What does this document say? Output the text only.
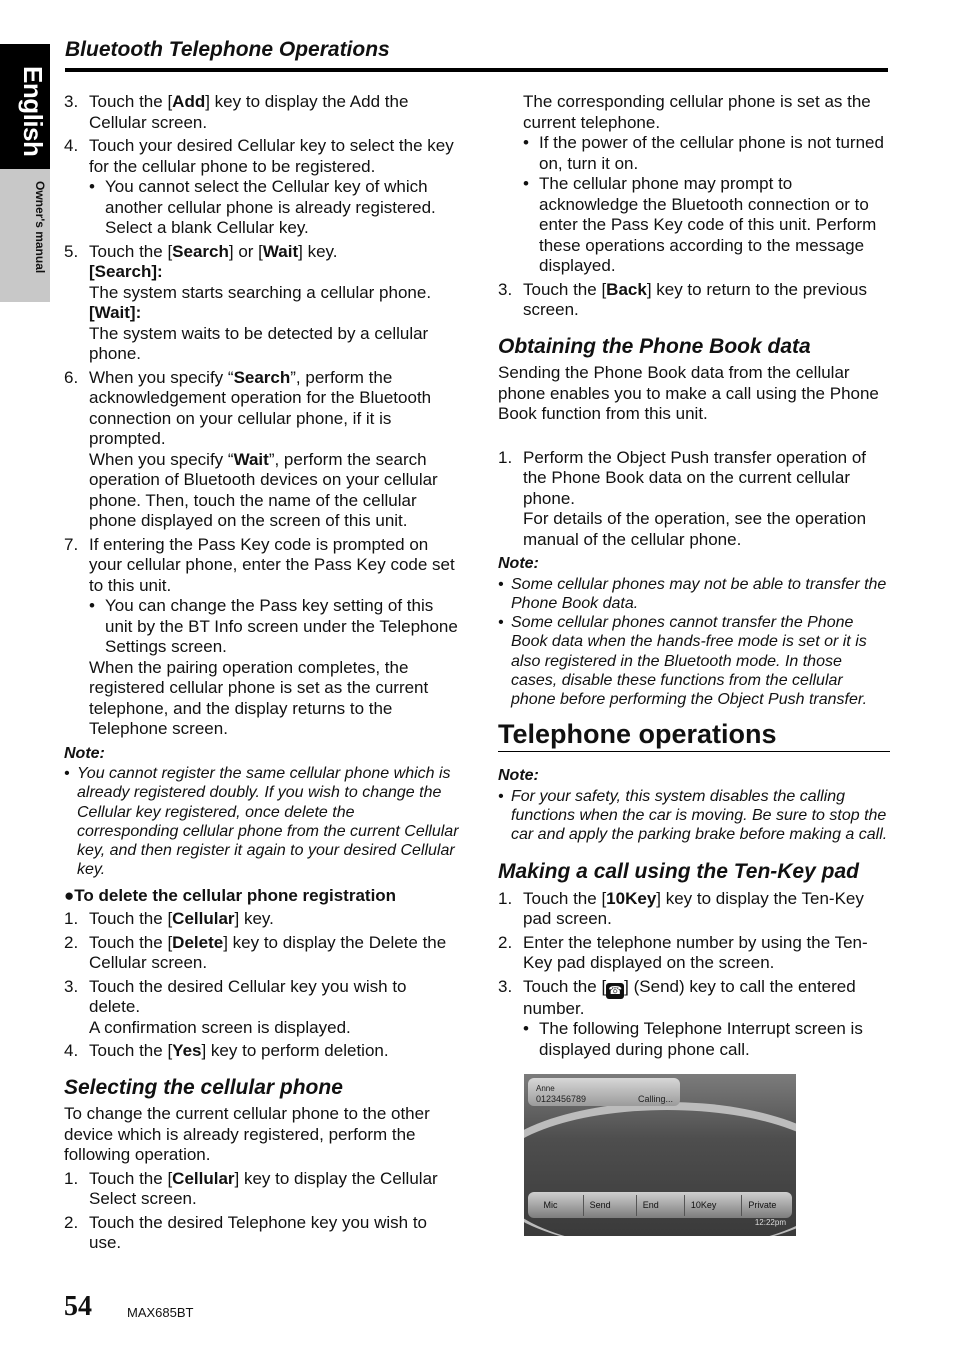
English
Owner's manual
Bluetooth Telephone Operations
3. Touch the [Add] key to display the Add the Cellular screen.
4. Touch your desired Cellular key to select the key for the cellular phone to be registered.

• You cannot select the Cellular key of which another cellular phone is already registered. Select a blank Cellular key.
5. Touch the [Search] or [Wait] key.

[Search]:

The system starts searching a cellular phone.

[Wait]:

The system waits to be detected by a cellular phone.

6. When you specify “Search”, perform the acknowledgement operation for the Bluetooth connection on your cellular phone, if it is prompted.

When you specify “Wait”, perform the search operation of Bluetooth devices on your cellular phone. Then, touch the name of the cellular phone displayed on the screen of this unit.

7. If entering the Pass Key code is prompted on your cellular phone, enter the Pass Key code set to this unit.

• You can change the Pass key setting of this unit by the BT Info screen under the Telephone Settings screen.

When the pairing operation completes, the registered cellular phone is set as the current telephone, and the display returns to the Telephone screen.

Note:
• You cannot register the same cellular phone which is already registered doubly. If you wish to change the Cellular key registered, once delete the corresponding cellular phone from the current Cellular key, and then register it again to your desired Cellular key.

●To delete the cellular phone registration

1. Touch the [Cellular] key.
2. Touch the [Delete] key to display the Delete the Cellular screen.
3. Touch the desired Cellular key you wish to delete.

A confirmation screen is displayed.

4. Touch the [Yes] key to perform deletion.
Selecting the cellular phone

To change the current cellular phone to the other device which is already registered, perform the following operation.

1. Touch the [Cellular] key to display the Cellular Select screen.
2. Touch the desired Telephone key you wish to use.

The corresponding cellular phone is set as the current telephone.

• If the power of the cellular phone is not turned on, turn it on.
• The cellular phone may prompt to acknowledge the Bluetooth connection or to enter the Pass Key code of this unit. Perform these operations according to the message displayed.
3. Touch the [Back] key to return to the previous screen.
Obtaining the Phone Book data

Sending the Phone Book data from the cellular phone enables you to make a call using the Phone Book function from this unit.

1. Perform the Object Push transfer operation of the Phone Book data on the current cellular phone.

For details of the operation, see the operation manual of the cellular phone.

Note:
• Some cellular phones may not be able to transfer the Phone Book data.
• Some cellular phones cannot transfer the Phone Book data when the hands-free mode is set or it is also registered in the Bluetooth mode. In those cases, disable these functions from the cellular phone before performing the Object Push transfer.
Telephone operations
Note:
• For your safety, this system disables the calling functions when the car is moving. Be sure to stop the car and apply the parking brake before making a call.
Making a call using the Ten-Key pad
1. Touch the [10Key] key to display the Ten-Key pad screen.
2. Enter the telephone number by using the Ten-Key pad displayed on the screen.
3. Touch the [ ☎ ] (Send) key to call the entered number.
• The following Telephone Interrupt screen is displayed during phone call.
Anne
0123456789	Calling...
Mic	Send	End	10Key	Private
12:22pm
54	MAX685BT
